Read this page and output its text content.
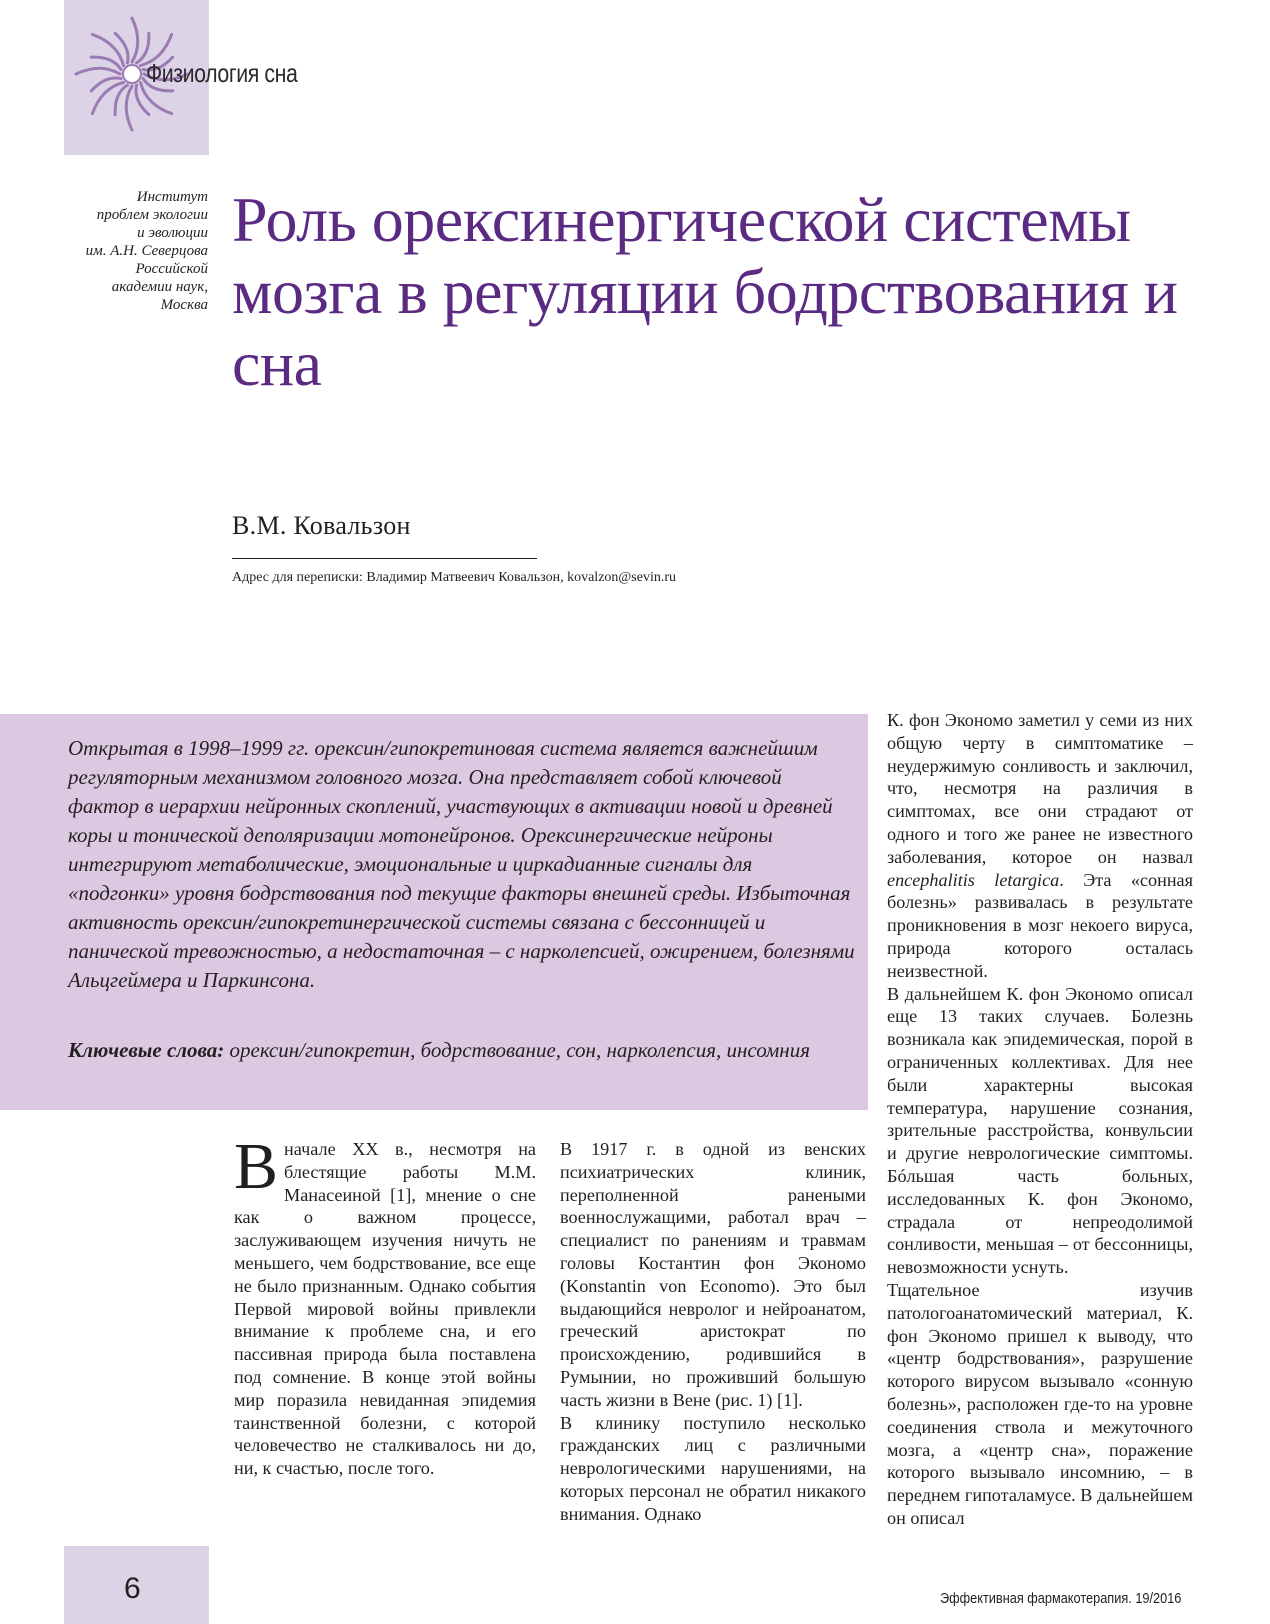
Физиология сна
Институт
проблем экологии
и эволюции
им. А.Н. Северцова
Российской
академии наук,
Москва
Роль орексинергической системы мозга в регуляции бодрствования и сна
В.М. Ковальзон
Адрес для переписки: Владимир Матвеевич Ковальзон, kovalzon@sevin.ru

Открытая в 1998–1999 гг. орексин/гипокретиновая система является важнейшим регуляторным механизмом головного мозга. Она представляет собой ключевой фактор в иерархии нейронных скоплений, участвующих в активации новой и древней коры и тонической деполяризации мотонейронов. Орексинергические нейроны интегрируют метаболические, эмоциональные и циркадианные сигналы для «подгонки» уровня бодрствования под текущие факторы внешней среды. Избыточная активность орексин/гипокретинергической системы связана с бессонницей и панической тревожностью, а недостаточная – с нарколепсией, ожирением, болезнями Альцгеймера и Паркинсона.

Ключевые слова: орексин/гипокретин, бодрствование, сон, нарколепсия, инсомния

Вначале XX в., несмотря на блестящие работы М.М. Манасеиной [1], мнение о сне как о важном процессе, заслуживающем изучения ничуть не меньшего, чем бодрствование, все еще не было признанным. Однако события Первой мировой войны привлекли внимание к проблеме сна, и его пассивная природа была поставлена под сомнение. В конце этой войны мир поразила невиданная эпидемия таинственной болезни, с которой человечество не сталкивалось ни до, ни, к счастью, после того.

В 1917 г. в одной из венских психиатрических клиник, переполненной ранеными военнослужащими, работал врач – специалист по ранениям и травмам головы Костантин фон Экономо (Konstantin von Economo). Это был выдающийся невролог и нейроанатом, греческий аристократ по происхождению, родившийся в Румынии, но проживший большую часть жизни в Вене (рис. 1) [1].

В клинику поступило несколько гражданских лиц с различными неврологическими нарушениями, на которых персонал не обратил никакого внимания. Однако

К. фон Экономо заметил у семи из них общую черту в симптоматике – неудержимую сонливость и заключил, что, несмотря на различия в симптомах, все они страдают от одного и того же ранее не известного заболевания, которое он назвал encephalitis letargica. Эта «сонная болезнь» развивалась в результате проникновения в мозг некоего вируса, природа которого осталась неизвестной.

В дальнейшем К. фон Экономо описал еще 13 таких случаев. Болезнь возникала как эпидемическая, порой в ограниченных коллективах. Для нее были характерны высокая температура, нарушение сознания, зрительные расстройства, конвульсии и другие неврологические симптомы. Бóльшая часть больных, исследованных К. фон Экономо, страдала от непреодолимой сонливости, меньшая – от бессонницы, невозможности уснуть.

Тщательное изучив патологоанатомический материал, К. фон Экономо пришел к выводу, что «центр бодрствования», разрушение которого вирусом вызывало «сонную болезнь», расположен где-то на уровне соединения ствола и межуточного мозга, а «центр сна», поражение которого вызывало инсомнию, – в переднем гипоталамусе. В дальнейшем он описал

6	Эффективная фармакотерапия. 19/2016
